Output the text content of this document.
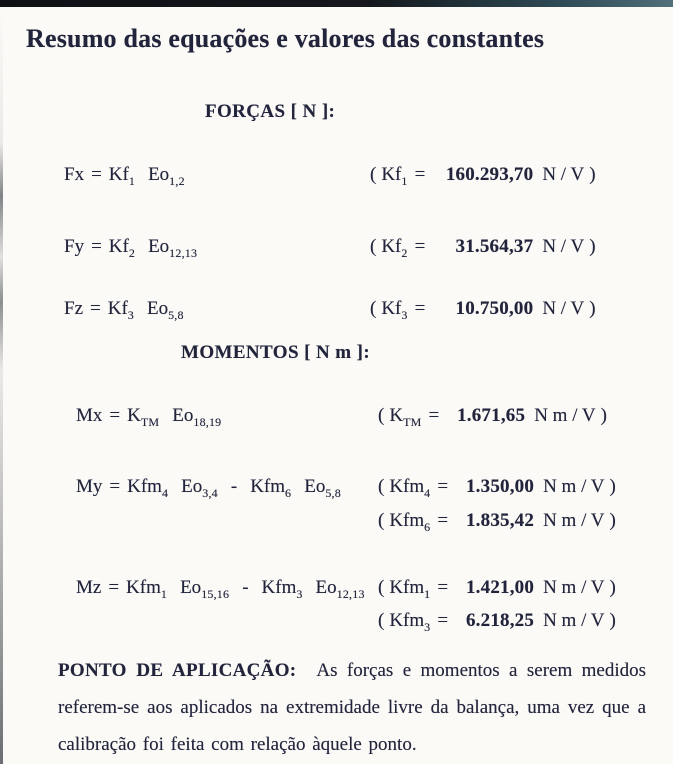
Resumo das equações e valores das constantes
FORÇAS [ N ]:
$Fx = Kf_1$ $Eo_{1,2}$	( $Kf_1 = 160.293,70$ N / V )
$Fy = Kf_2$ $Eo_{12,13}$	( $Kf_2 = 31.564,37$ N / V )
$Fz = Kf_3$ $Eo_{5,8}$	( $Kf_3 = 10.750,00$ N / V )
MOMENTOS [ N m ]:
$Mx = K_{TM}$ $Eo_{18,19}$	( $K_{TM} = 1.671,65$ N m / V )
My = Kfm$_4$ $Eo_{3,4} - Kfm_6$ $Eo_{5,8}$	( Kfm$_4$ = 1.350,00 N m / V )
( Kfm$_6$ = 1.835,42 N m / V )
Mz = Kfm$_1$ $Eo_{15,16} - Kfm_3$ $Eo_{12,13}$ ( Kfm$_1$ = 1.421,00 N m / V )
( Kfm$_3$ = 6.218,25 N m / V )

PONTO DE APLICAÇÃO: As forças e momentos a serem medidos referem-se aos aplicados na extremidade livre da balança, uma vez que a calibração foi feita com relação àquele ponto.
